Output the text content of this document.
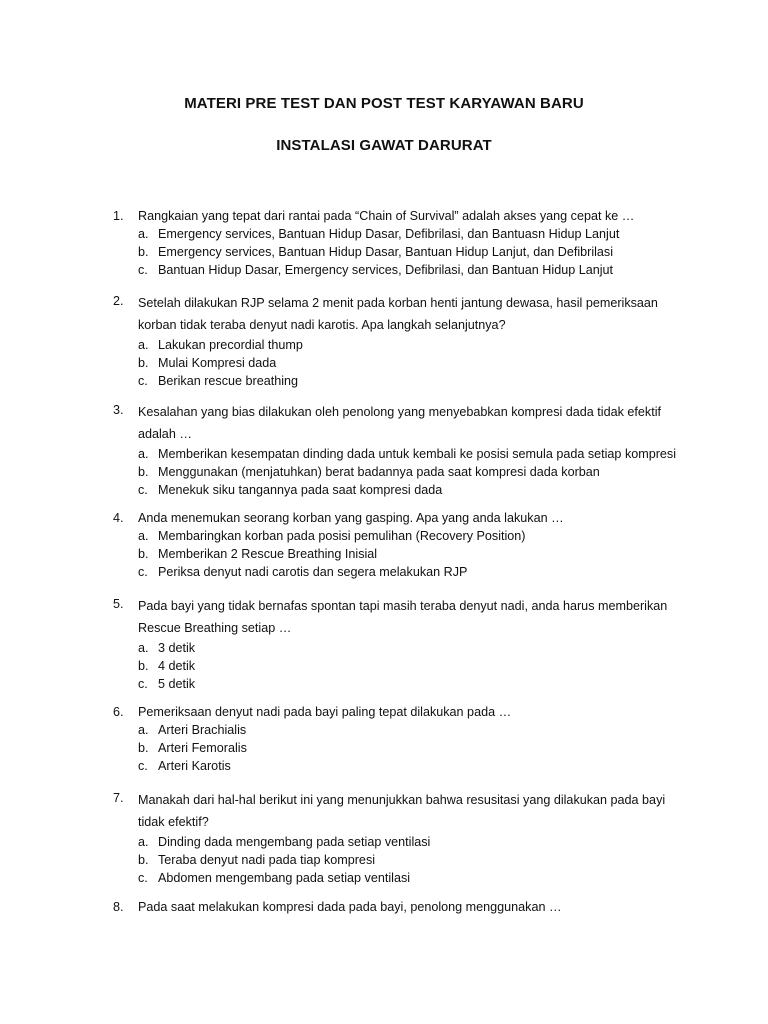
MATERI PRE TEST DAN POST TEST KARYAWAN BARU
INSTALASI GAWAT DARURAT
1. Rangkaian yang tepat dari rantai pada “Chain of Survival” adalah akses yang cepat ke …
a. Emergency services, Bantuan Hidup Dasar, Defibrilasi, dan Bantuasn Hidup Lanjut
b. Emergency services, Bantuan Hidup Dasar, Bantuan Hidup Lanjut, dan Defibrilasi
c. Bantuan Hidup Dasar, Emergency services, Defibrilasi, dan Bantuan Hidup Lanjut
2. Setelah dilakukan RJP selama 2 menit pada korban henti jantung dewasa, hasil pemeriksaan korban tidak teraba denyut nadi karotis. Apa langkah selanjutnya?
a. Lakukan precordial thump
b. Mulai Kompresi dada
c. Berikan rescue breathing
3. Kesalahan yang bias dilakukan oleh penolong yang menyebabkan kompresi dada tidak efektif adalah …
a. Memberikan kesempatan dinding dada untuk kembali ke posisi semula pada setiap kompresi
b. Menggunakan (menjatuhkan) berat badannya pada saat kompresi dada korban
c. Menekuk siku tangannya pada saat kompresi dada
4. Anda menemukan seorang korban yang gasping. Apa yang anda lakukan …
a. Membaringkan korban pada posisi pemulihan (Recovery Position)
b. Memberikan 2 Rescue Breathing Inisial
c. Periksa denyut nadi carotis dan segera melakukan RJP
5. Pada bayi yang tidak bernafas spontan tapi masih teraba denyut nadi, anda harus memberikan Rescue Breathing setiap …
a. 3 detik
b. 4 detik
c. 5 detik
6. Pemeriksaan denyut nadi pada bayi paling tepat dilakukan pada …
a. Arteri Brachialis
b. Arteri Femoralis
c. Arteri Karotis
7. Manakah dari hal-hal berikut ini yang menunjukkan bahwa resusitasi yang dilakukan pada bayi tidak efektif?
a. Dinding dada mengembang pada setiap ventilasi
b. Teraba denyut nadi pada tiap kompresi
c. Abdomen mengembang pada setiap ventilasi
8. Pada saat melakukan kompresi dada pada bayi, penolong menggunakan …
